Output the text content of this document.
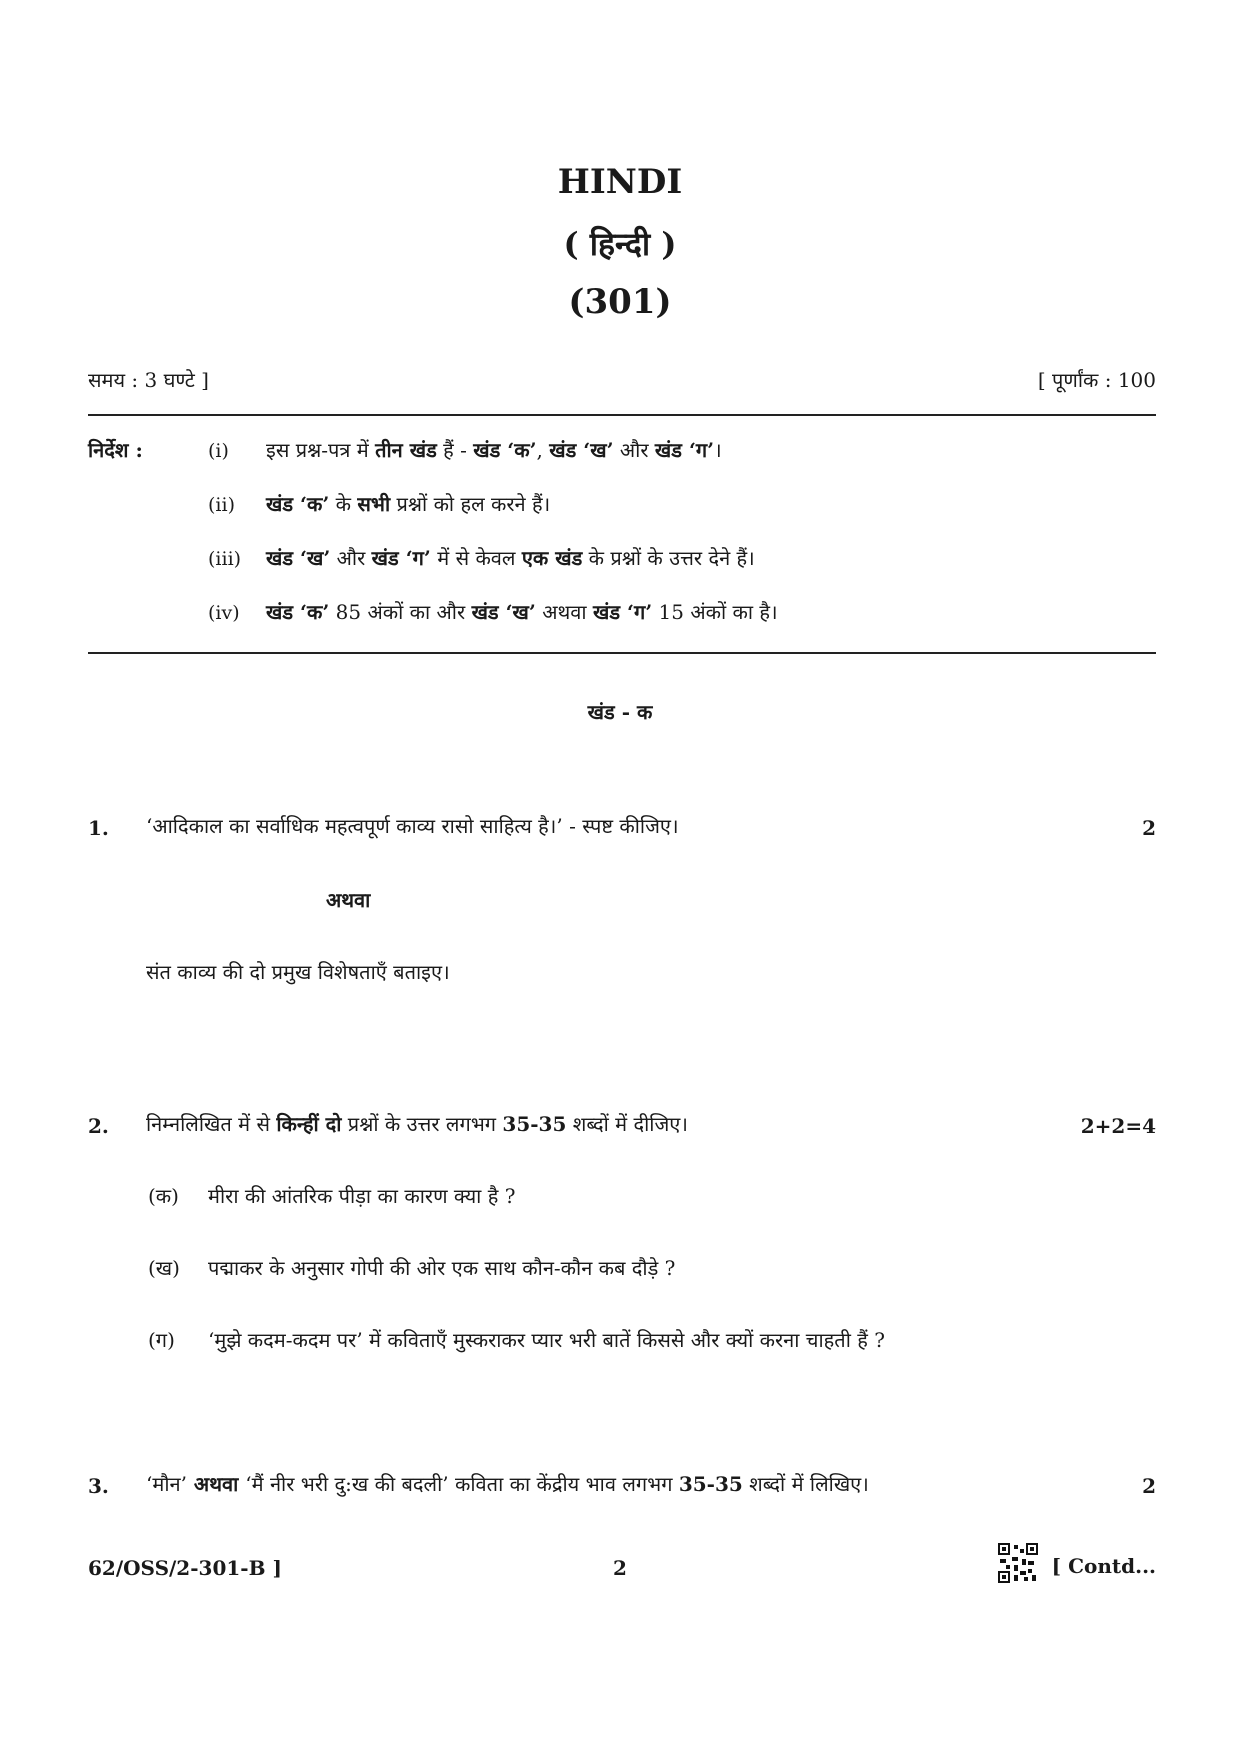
HINDI
( हिन्दी )
(301)
समय : 3 घण्टे ]	[ पूर्णांक : 100
निर्देश :	(i) इस प्रश्न-पत्र में तीन खंड हैं - खंड ‘क’, खंड ‘ख’ और खंड ‘ग’।
(ii) खंड ‘क’ के सभी प्रश्नों को हल करने हैं।
(iii) खंड ‘ख’ और खंड ‘ग’ में से केवल एक खंड के प्रश्नों के उत्तर देने हैं।
(iv) खंड ‘क’ 85 अंकों का और खंड ‘ख’ अथवा खंड ‘ग’ 15 अंकों का है।
खंड - क
1. ‘आदिकाल का सर्वाधिक महत्वपूर्ण काव्य रासो साहित्य है।’ - स्पष्ट कीजिए।	2
अथवा
संत काव्य की दो प्रमुख विशेषताएँ बताइए।
2. निम्नलिखित में से किन्हीं दो प्रश्नों के उत्तर लगभग 35-35 शब्दों में दीजिए।	2+2=4
(क) मीरा की आंतरिक पीड़ा का कारण क्या है ?
(ख) पद्माकर के अनुसार गोपी की ओर एक साथ कौन-कौन कब दौड़े ?
(ग) ‘मुझे कदम-कदम पर’ में कविताएँ मुस्कराकर प्यार भरी बातें किससे और क्यों करना चाहती हैं ?
3. ‘मौन’ अथवा ‘मैं नीर भरी दु:ख की बदली’ कविता का केंद्रीय भाव लगभग 35-35 शब्दों में लिखिए।	2
62/OSS/2-301-B ]	2	[ Contd...
